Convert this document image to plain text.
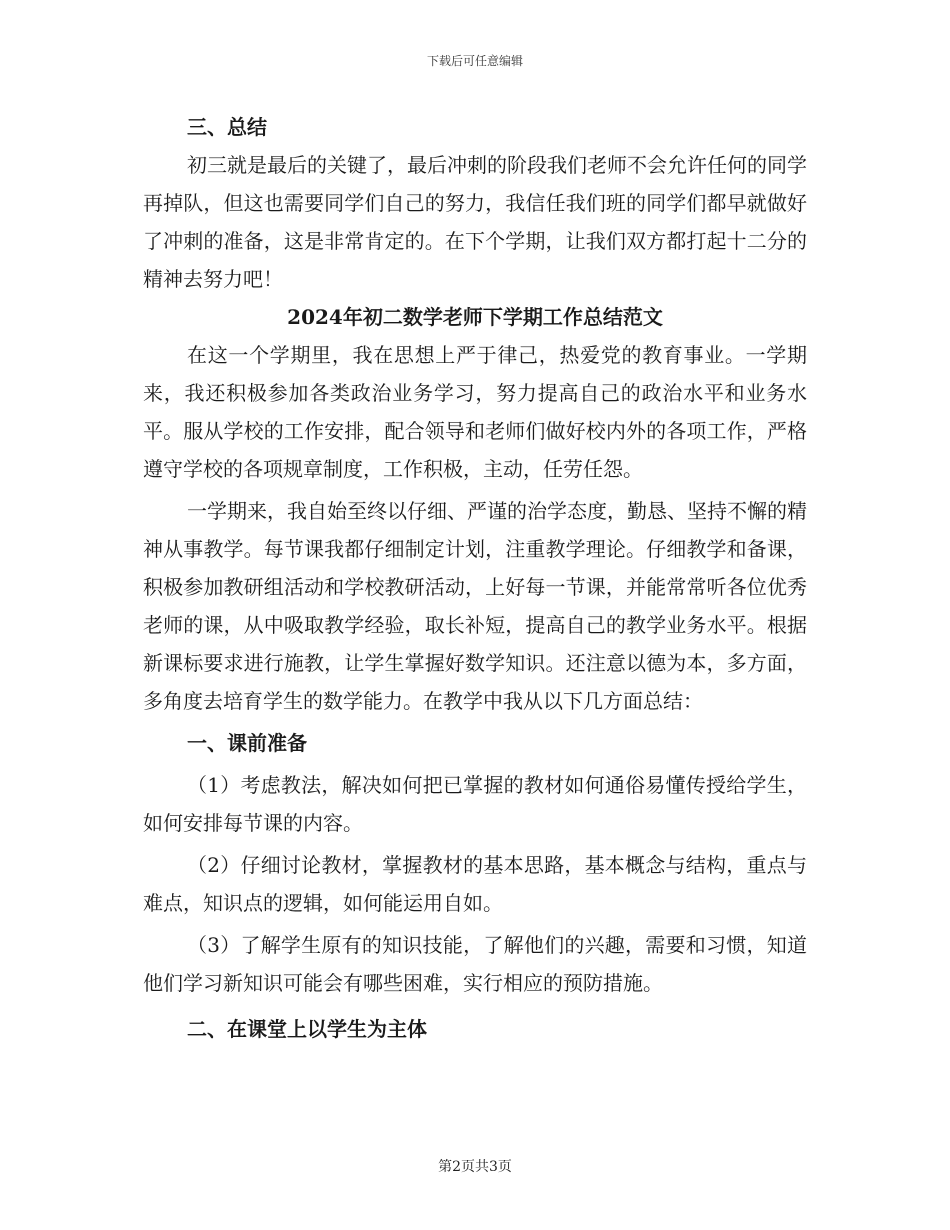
下载后可任意编辑

三、总结

初三就是最后的关键了，最后冲刺的阶段我们老师不会允许任何的同学再掉队，但这也需要同学们自己的努力，我信任我们班的同学们都早就做好了冲刺的准备，这是非常肯定的。在下个学期，让我们双方都打起十二分的精神去努力吧！

2024年初二数学老师下学期工作总结范文

在这一个学期里，我在思想上严于律己，热爱党的教育事业。一学期来，我还积极参加各类政治业务学习，努力提高自己的政治水平和业务水平。服从学校的工作安排，配合领导和老师们做好校内外的各项工作，严格遵守学校的各项规章制度，工作积极，主动，任劳任怨。

一学期来，我自始至终以仔细、严谨的治学态度，勤恳、坚持不懈的精神从事教学。每节课我都仔细制定计划，注重教学理论。仔细教学和备课，积极参加教研组活动和学校教研活动，上好每一节课，并能常常听各位优秀老师的课，从中吸取教学经验，取长补短，提高自己的教学业务水平。根据新课标要求进行施教，让学生掌握好数学知识。还注意以德为本，多方面，多角度去培育学生的数学能力。在教学中我从以下几方面总结：

一、课前准备

（1）考虑教法，解决如何把已掌握的教材如何通俗易懂传授给学生，如何安排每节课的内容。

（2）仔细讨论教材，掌握教材的基本思路，基本概念与结构，重点与难点，知识点的逻辑，如何能运用自如。

（3）了解学生原有的知识技能，了解他们的兴趣，需要和习惯，知道他们学习新知识可能会有哪些困难，实行相应的预防措施。

二、在课堂上以学生为主体

第2页共3页
